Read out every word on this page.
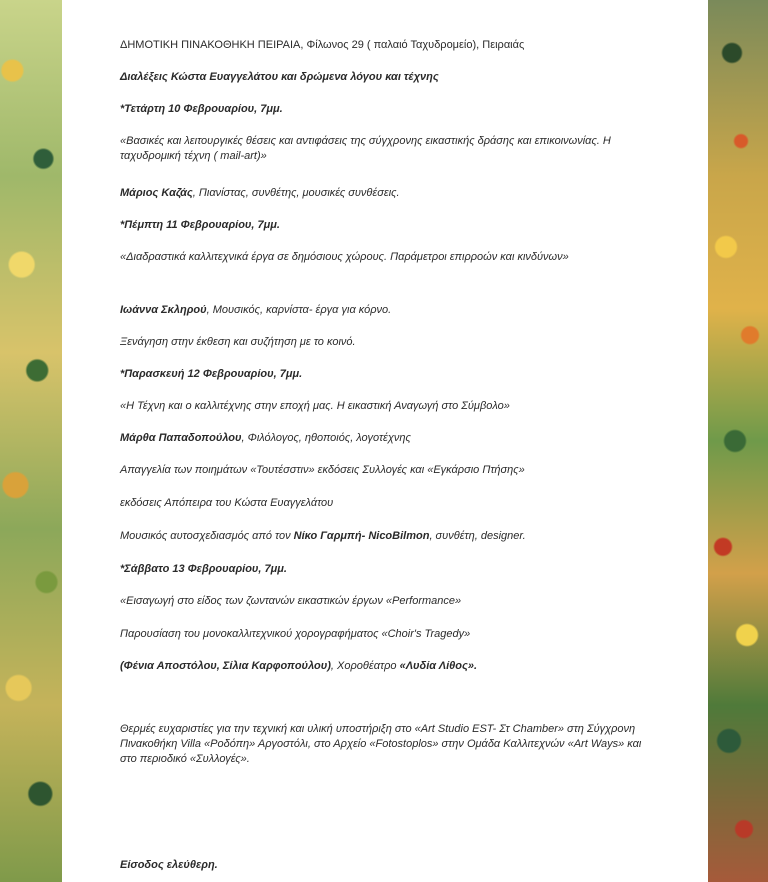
ΔΗΜΟΤΙΚΗ ΠΙΝΑΚΟΘΗΚΗ ΠΕΙΡΑΙΑ, Φίλωνος 29 ( παλαιό Ταχυδρομείο), Πειραιάς

Διαλέξεις Κώστα Ευαγγελάτου και δρώμενα λόγου και τέχνης

*Τετάρτη 10 Φεβρουαρίου, 7μμ.

«Βασικές και λειτουργικές θέσεις και αντιφάσεις της σύγχρονης εικαστικής δράσης και επικοινωνίας. Η ταχυδρομική τέχνη ( mail-art)»

Μάριος Καζάς, Πιανίστας, συνθέτης, μουσικές συνθέσεις.

*Πέμπτη 11 Φεβρουαρίου, 7μμ.

«Διαδραστικά καλλιτεχνικά έργα σε δημόσιους χώρους. Παράμετροι επιρροών και κινδύνων»

Ιωάννα Σκληρού, Μουσικός, καρνίστα- έργα για κόρνο.

Ξενάγηση στην έκθεση και συζήτηση με το κοινό.

*Παρασκευή 12 Φεβρουαρίου, 7μμ.

«Η Τέχνη και ο καλλιτέχνης στην εποχή μας. Η εικαστική Αναγωγή στο Σύμβολο»

Μάρθα Παπαδοπούλου, Φιλόλογος, ηθοποιός, λογοτέχνης

Απαγγελία των ποιημάτων «Τουτέσστιν» εκδόσεις Συλλογές και «Εγκάρσιο Πτήσης»

εκδόσεις Απόπειρα του Κώστα Ευαγγελάτου

Μουσικός αυτοσχεδιασμός από τον Νίκο Γαρμπή- NicoBilmon, συνθέτη, designer.

*Σάββατο 13 Φεβρουαρίου, 7μμ.

«Εισαγωγή στο είδος των ζωντανών εικαστικών έργων «Performance»

Παρουσίαση του μονοκαλλιτεχνικού χορογραφήματος «Choir's Tragedy»

(Φένια Αποστόλου, Σίλια Καρφοπούλου), Χοροθέατρο «Λυδία Λίθος».

Θερμές ευχαριστίες για την τεχνική και υλική υποστήριξη στο «Art Studio EST- Στ Chamber» στη Σύγχρονη Πινακοθήκη Villa «Ροδόπη» Αργοστόλι, στο Αρχείο «Fotostoplos» στην Ομάδα Καλλιτεχνών «Art Ways» και στο περιοδικό «Συλλογές».

Είσοδος ελεύθερη.
